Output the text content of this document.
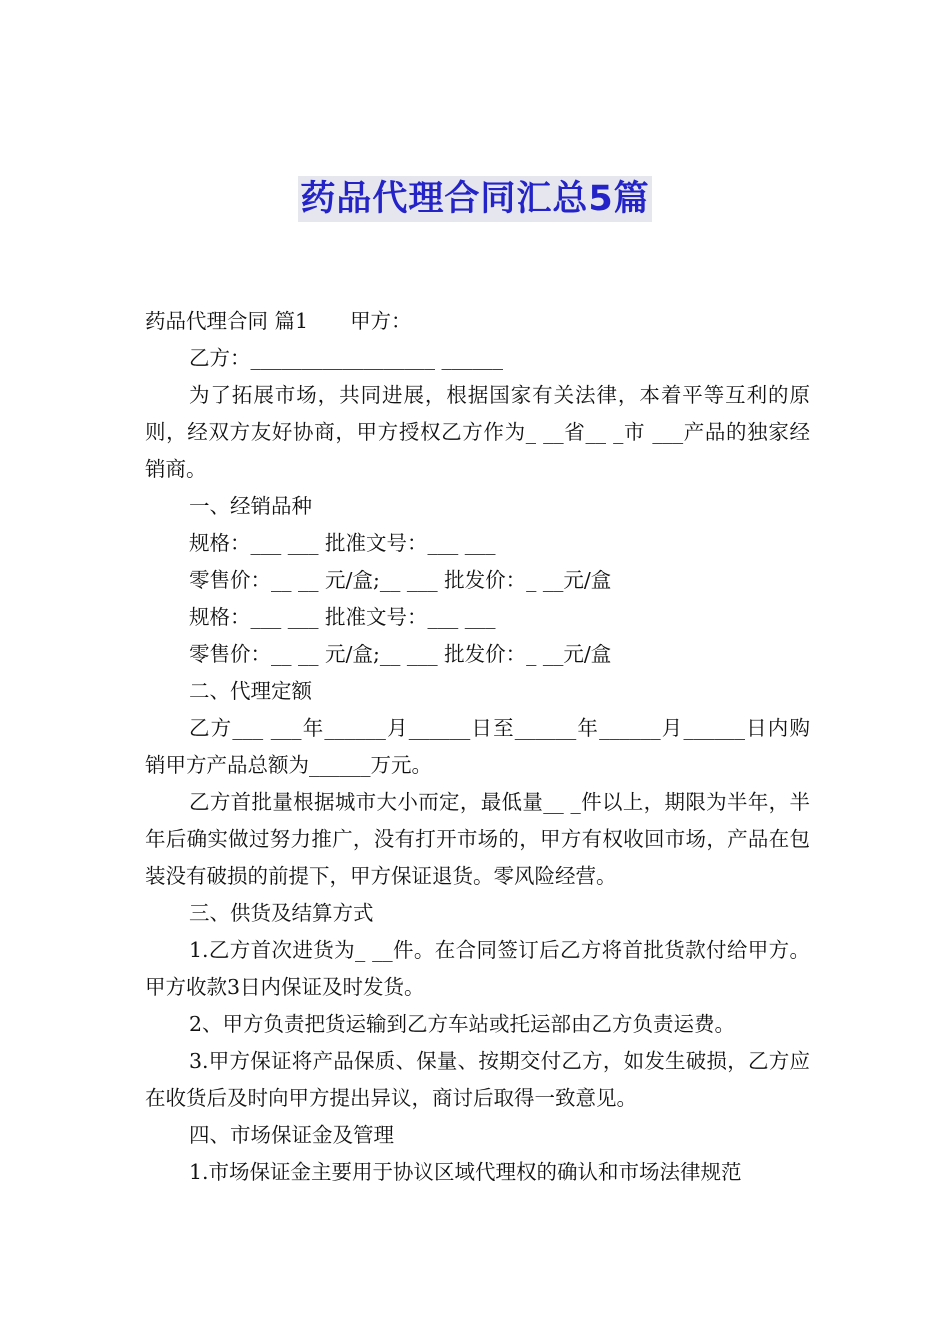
药品代理合同汇总5篇

药品代理合同 篇1 甲方：

乙方：__________________ ______

为了拓展市场，共同进展，根据国家有关法律，本着平等互利的原则，经双方友好协商，甲方授权乙方作为_ __省__ _市 ___产品的独家经销商。

一、经销品种

规格：___ ___ 批准文号：___ ___

零售价：__ __ 元/盒;__ ___ 批发价：_ __元/盒

规格：___ ___ 批准文号：___ ___

零售价：__ __ 元/盒;__ ___ 批发价：_ __元/盒

二、代理定额

乙方___ ___年______月______日至______年______月______日内购销甲方产品总额为______万元。

乙方首批量根据城市大小而定，最低量__ _件以上，期限为半年，半年后确实做过努力推广，没有打开市场的，甲方有权收回市场，产品在包装没有破损的前提下，甲方保证退货。零风险经营。

三、供货及结算方式

1.乙方首次进货为_ __件。在合同签订后乙方将首批货款付给甲方。甲方收款3日内保证及时发货。

2、甲方负责把货运输到乙方车站或托运部由乙方负责运费。

3.甲方保证将产品保质、保量、按期交付乙方，如发生破损，乙方应在收货后及时向甲方提出异议，商讨后取得一致意见。

四、市场保证金及管理

1.市场保证金主要用于协议区域代理权的确认和市场法律规范
